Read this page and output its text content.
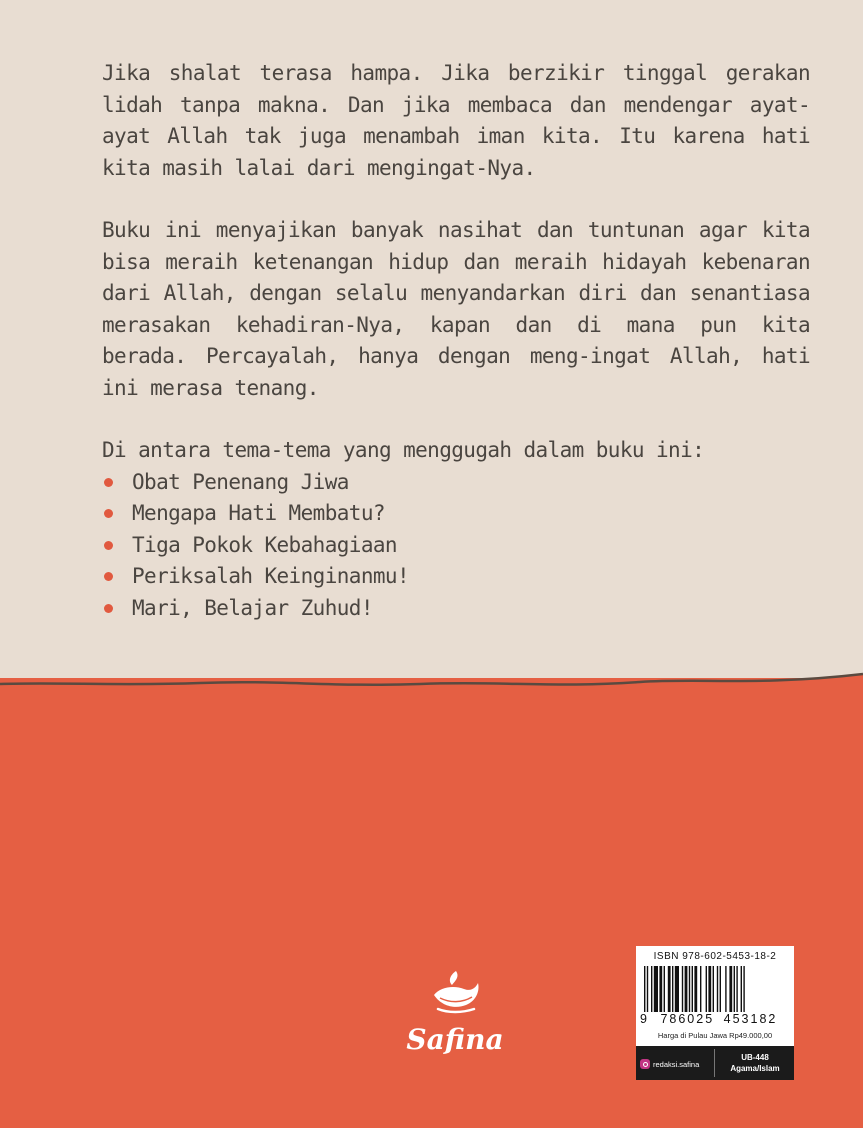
Jika shalat terasa hampa. Jika berzikir tinggal gerakan lidah tanpa makna. Dan jika membaca dan mendengar ayat-ayat Allah tak juga menambah iman kita. Itu karena hati kita masih lalai dari mengingat-Nya.

Buku ini menyajikan banyak nasihat dan tuntunan agar kita bisa meraih ketenangan hidup dan meraih hidayah kebenaran dari Allah, dengan selalu menyandarkan diri dan senantiasa merasakan kehadiran-Nya, kapan dan di mana pun kita berada. Percayalah, hanya dengan meng-ingat Allah, hati ini merasa tenang.

Di antara tema-tema yang menggugah dalam buku ini:
Obat Penenang Jiwa
Mengapa Hati Membatu?
Tiga Pokok Kebahagiaan
Periksalah Keinginanmu!
Mari, Belajar Zuhud!
Safina
ISBN 978-602-5453-18-2
9 786025 453182
Harga di Pulau Jawa Rp49.000,00
redaksi.safina
UB-448
Agama/Islam
